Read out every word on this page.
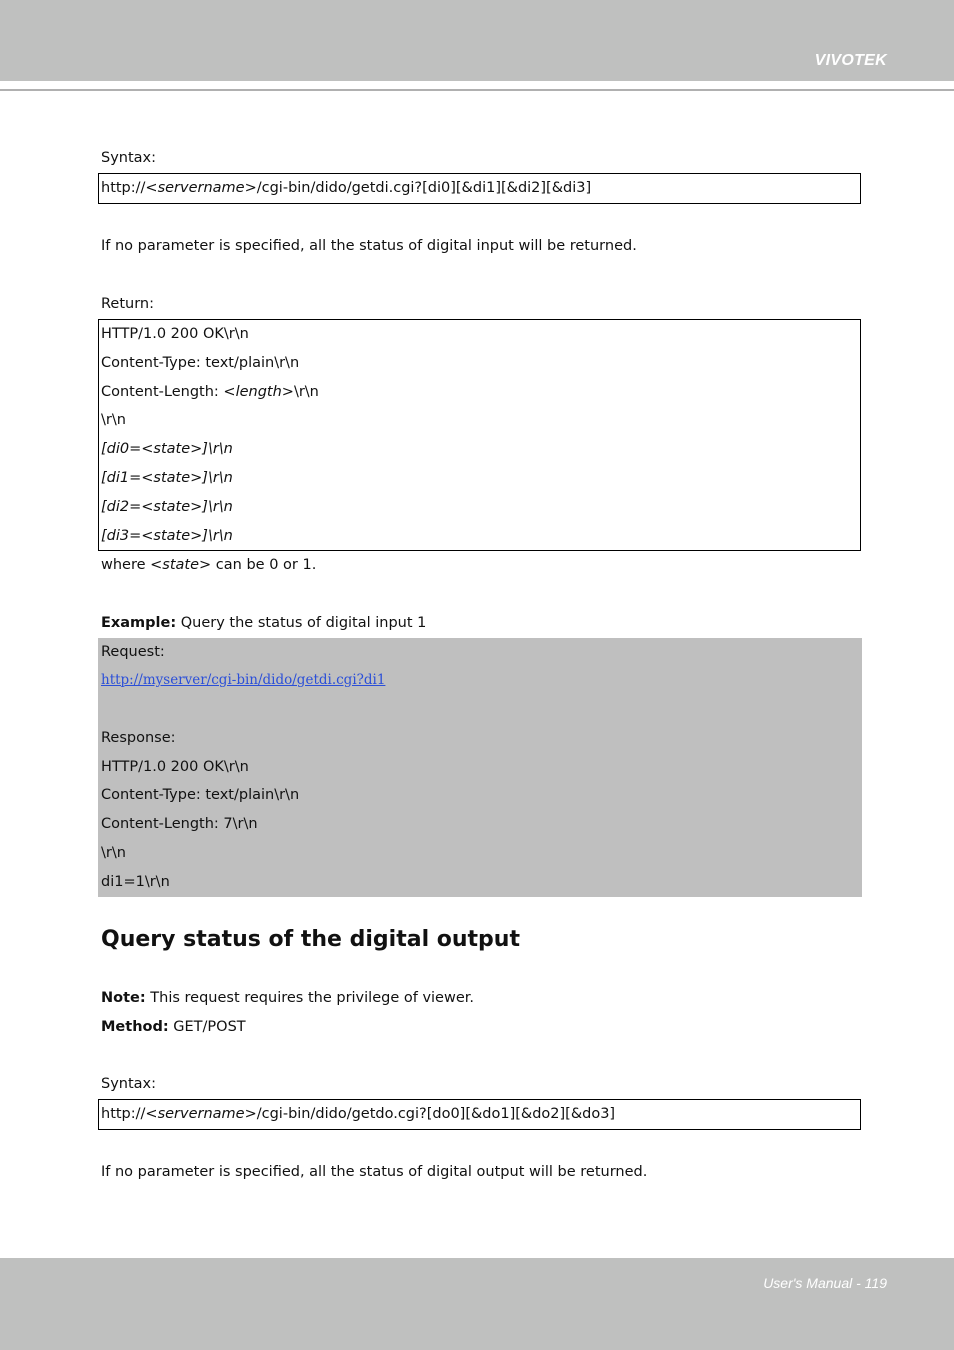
VIVOTEK
Syntax:
http://<servername>/cgi-bin/dido/getdi.cgi?[di0][&di1][&di2][&di3]
If no parameter is specified, all the status of digital input will be returned.
Return:
HTTP/1.0 200 OK\r\n
Content-Type: text/plain\r\n
Content-Length: <length>\r\n
\r\n
[di0=<state>]\r\n
[di1=<state>]\r\n
[di2=<state>]\r\n
[di3=<state>]\r\n
where <state> can be 0 or 1.
Example: Query the status of digital input 1
Request:
http://myserver/cgi-bin/dido/getdi.cgi?di1
Response:
HTTP/1.0 200 OK\r\n
Content-Type: text/plain\r\n
Content-Length: 7\r\n
\r\n
di1=1\r\n
Query status of the digital output
Note: This request requires the privilege of viewer.
Method: GET/POST
Syntax:
http://<servername>/cgi-bin/dido/getdo.cgi?[do0][&do1][&do2][&do3]
If no parameter is specified, all the status of digital output will be returned.
User's Manual - 119
